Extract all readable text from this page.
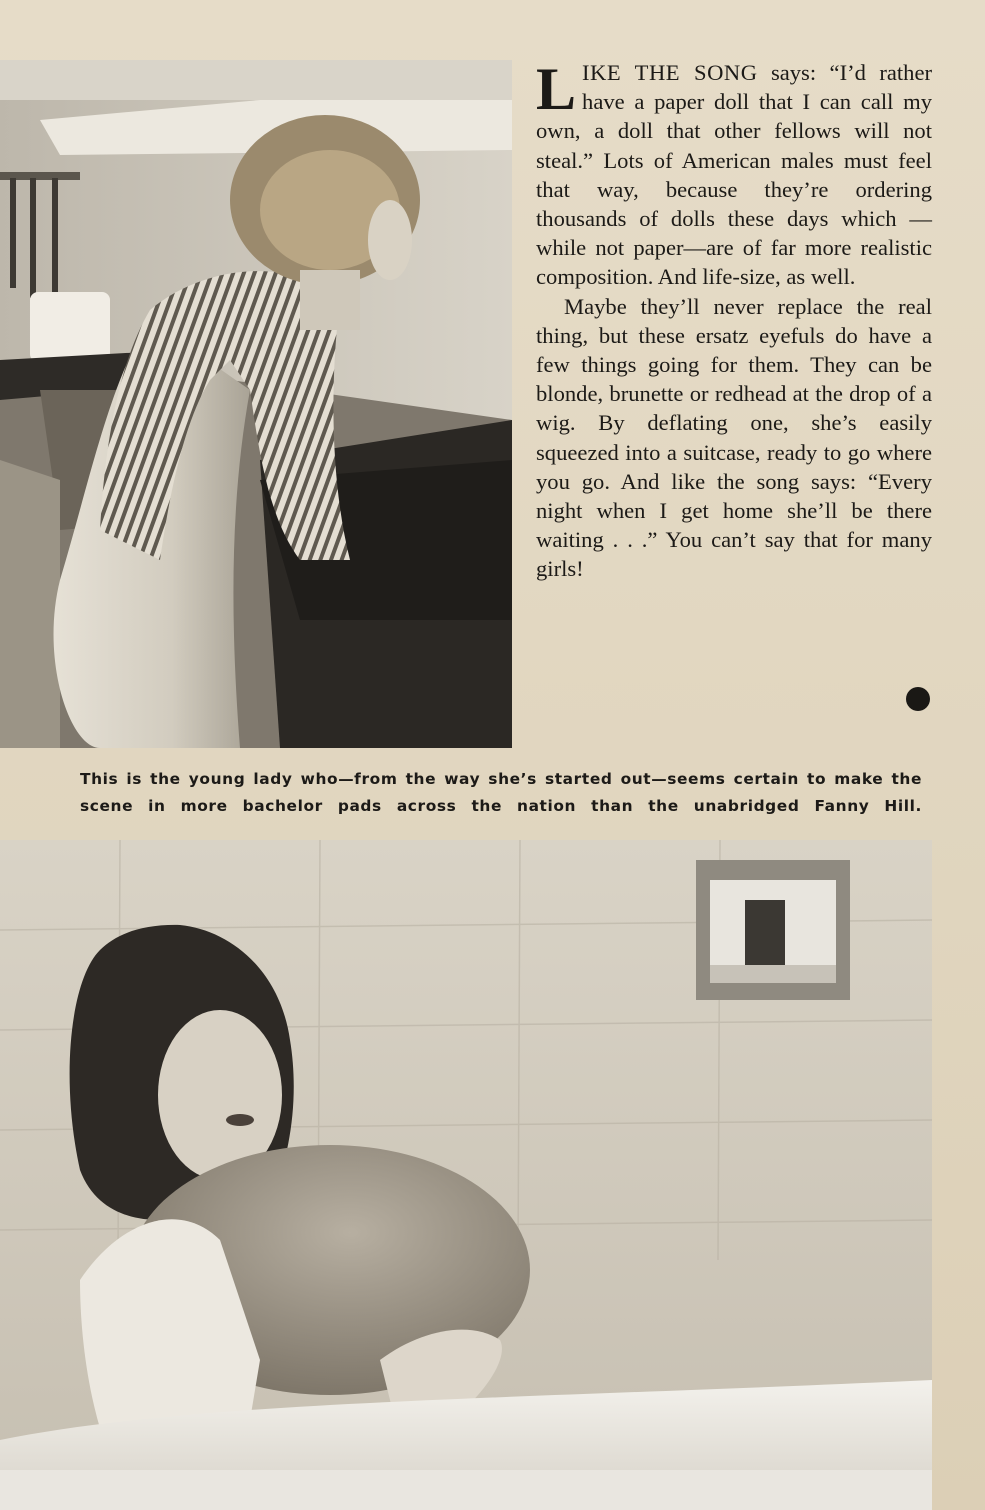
LIKE THE SONG says: “I’d rather have a paper doll that I can call my own, a doll that other fellows will not steal.” Lots of American males must feel that way, because they’re ordering thousands of dolls these days which —while not paper—are of far more realistic composition. And life-size, as well.

Maybe they’ll never replace the real thing, but these ersatz eyefuls do have a few things going for them. They can be blonde, brunette or redhead at the drop of a wig. By deflating one, she’s easily squeezed into a suitcase, ready to go where you go. And like the song says: “Every night when I get home she’ll be there waiting . . .” You can’t say that for many girls!

This is the young lady who—from the way she’s started out—seems certain to make the scene in more bachelor pads across the nation than the unabridged Fanny Hill.
